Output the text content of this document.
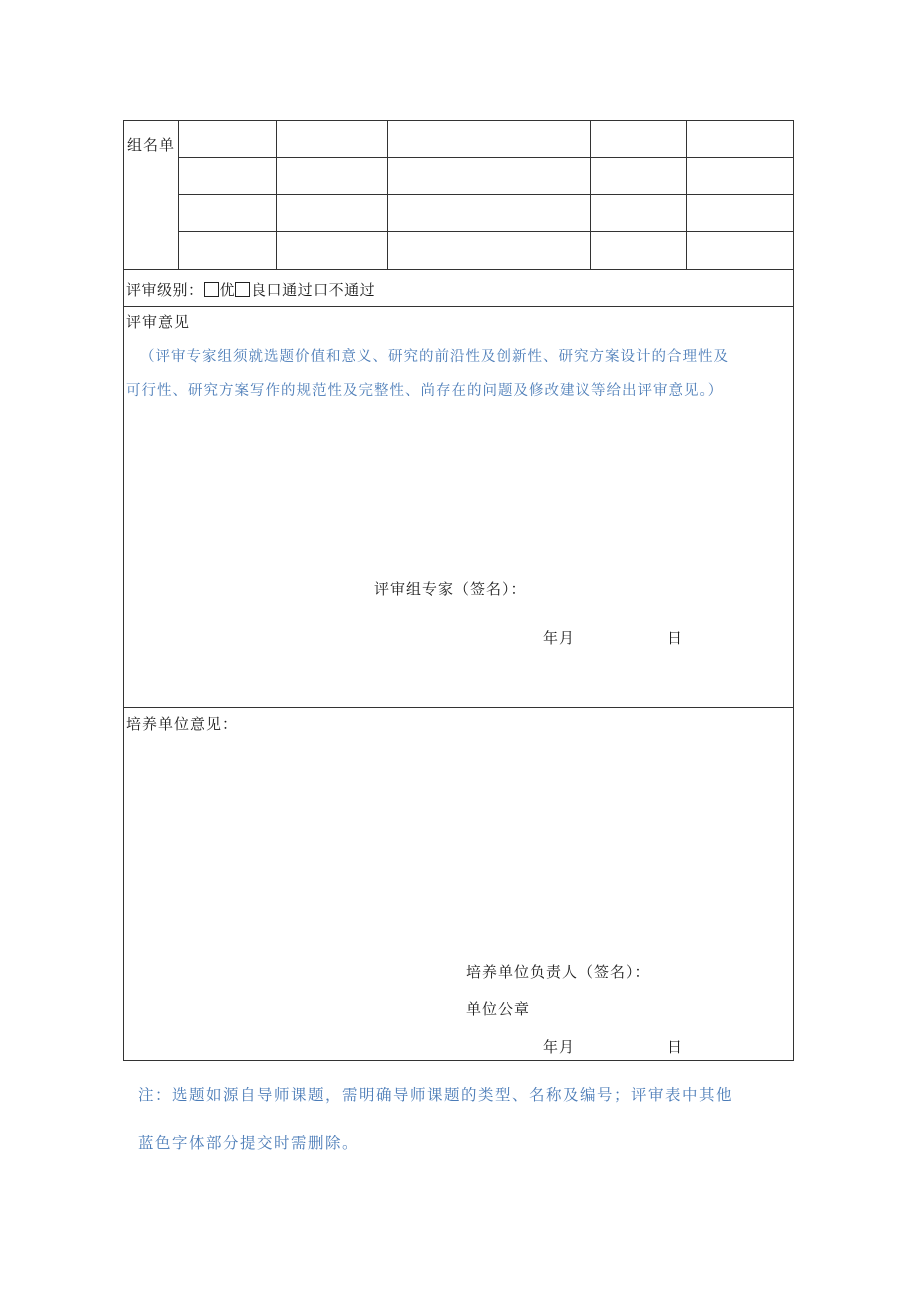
组名单
评审级别： 优 良口通过口不通过
评审意见
（评审专家组须就选题价值和意义、研究的前沿性及创新性、研究方案设计的合理性及
可行性、研究方案写作的规范性及完整性、尚存在的问题及修改建议等给出评审意见。）
评审组专家（签名）：
年月	日
培养单位意见：
培养单位负责人（签名）：
单位公章
年月	日
注：选题如源自导师课题，需明确导师课题的类型、名称及编号；评审表中其他
蓝色字体部分提交时需删除。
